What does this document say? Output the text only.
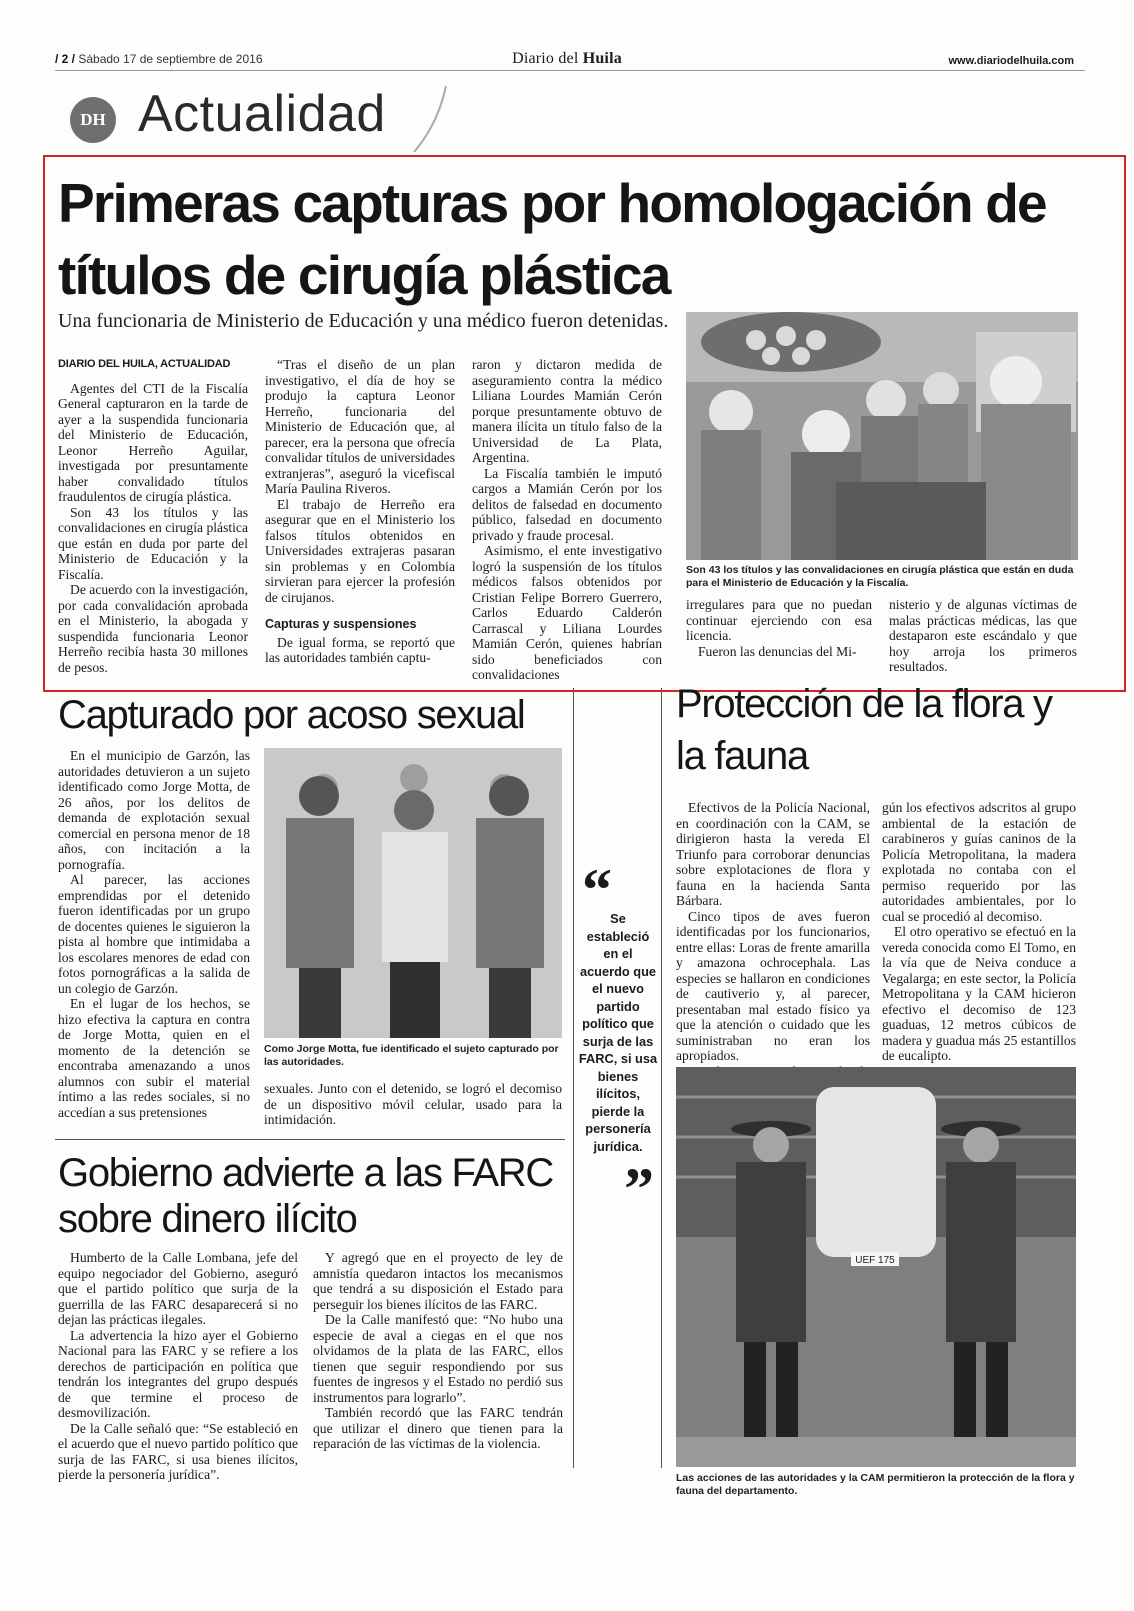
/ 2 / Sábado 17 de septiembre de 2016	Diario del Huila	www.diariodelhuila.com
DH Actualidad
Primeras capturas por homologación de títulos de cirugía plástica
Una funcionaria de Ministerio de Educación y una médico fueron detenidas.
DIARIO DEL HUILA, ACTUALIDAD

Agentes del CTI de la Fiscalía General capturaron en la tarde de ayer a la suspendida funcionaria del Ministerio de Educación, Leonor Herreño Aguilar, investigada por presuntamente haber convalidado títulos fraudulentos de cirugía plástica.

Son 43 los títulos y las convalidaciones en cirugía plástica que están en duda por parte del Ministerio de Educación y la Fiscalía.

De acuerdo con la investigación, por cada convalidación aprobada en el Ministerio, la abogada y suspendida funcionaria Leonor Herreño recibía hasta 30 millones de pesos.

“Tras el diseño de un plan investigativo, el día de hoy se produjo la captura Leonor Herreño, funcionaria del Ministerio de Educación que, al parecer, era la persona que ofrecía convalidar títulos de universidades extranjeras”, aseguró la vicefiscal María Paulina Riveros.

El trabajo de Herreño era asegurar que en el Ministerio los falsos títulos obtenidos en Universidades extrajeras pasaran sin problemas y en Colombia sirvieran para ejercer la profesión de cirujanos.

Capturas y suspensiones

De igual forma, se reportó que las autoridades también captu-

raron y dictaron medida de aseguramiento contra la médico Liliana Lourdes Mamián Cerón porque presuntamente obtuvo de manera ilícita un título falso de la Universidad de La Plata, Argentina.

La Fiscalía también le imputó cargos a Mamián Cerón por los delitos de falsedad en documento público, falsedad en documento privado y fraude procesal.

Asimismo, el ente investigativo logró la suspensión de los títulos médicos falsos obtenidos por Cristian Felipe Borrero Guerrero, Carlos Eduardo Calderón Carrascal y Liliana Lourdes Mamián Cerón, quienes habrían sido beneficiados con convalidaciones

Son 43 los títulos y las convalidaciones en cirugía plástica que están en duda para el Ministerio de Educación y la Fiscalía.

irregulares para que no puedan continuar ejerciendo con esa licencia.

Fueron las denuncias del Mi-

nisterio y de algunas víctimas de malas prácticas médicas, las que destaparon este escándalo y que hoy arroja los primeros resultados.

Capturado por acoso sexual

En el municipio de Garzón, las autoridades detuvieron a un sujeto identificado como Jorge Motta, de 26 años, por los delitos de demanda de explotación sexual comercial en persona menor de 18 años, con incitación a la pornografía.

Al parecer, las acciones emprendidas por el detenido fueron identificadas por un grupo de docentes quienes le siguieron la pista al hombre que intimidaba a los escolares menores de edad con fotos pornográficas a la salida de un colegio de Garzón.

En el lugar de los hechos, se hizo efectiva la captura en contra de Jorge Motta, quien en el momento de la detención se encontraba amenazando a unos alumnos con subir el material íntimo a las redes sociales, si no accedían a sus pretensiones

Como Jorge Motta, fue identificado el sujeto capturado por las autoridades.

sexuales. Junto con el detenido, se logró el decomiso de un dispositivo móvil celular, usado para la intimidación.

“
Se estableció en el acuerdo que el nuevo partido político que surja de las FARC, si usa bienes ilícitos, pierde la personería jurídica.
”
Protección de la flora y la fauna

Efectivos de la Policía Nacional, en coordinación con la CAM, se dirigieron hasta la vereda El Triunfo para corroborar denuncias sobre explotaciones de flora y fauna en la hacienda Santa Bárbara.

Cinco tipos de aves fueron identificadas por los funcionarios, entre ellas: Loras de frente amarilla y amazona ochrocephala. Las especies se hallaron en condiciones de cautiverio y, al parecer, presentaban mal estado físico ya que la atención o cuidado que les suministraban no eran los apropiados.

gún los efectivos adscritos al grupo ambiental de la estación de carabineros y guías caninos de la Policía Metropolitana, la madera explotada no contaba con el permiso requerido por las autoridades ambientales, por lo cual se procedió al decomiso.

El otro operativo se efectuó en la vereda conocida como El Tomo, en la vía que de Neiva conduce a Vegalarga; en este sector, la Policía Metropolitana y la CAM hicieron efectivo el decomiso de 123 guaduas, 12 metros cúbicos de madera y guadua más 25 estantillos de eucalipto.

UEF 175
Las acciones de las autoridades y la CAM permitieron la protección de la flora y fauna del departamento.
Gobierno advierte a las FARC sobre dinero ilícito

Humberto de la Calle Lombana, jefe del equipo negociador del Gobierno, aseguró que el partido político que surja de la guerrilla de las FARC desaparecerá si no dejan las prácticas ilegales.

La advertencia la hizo ayer el Gobierno Nacional para las FARC y se refiere a los derechos de participación en política que tendrán los integrantes del grupo después de que termine el proceso de desmovilización.

De la Calle señaló que: “Se estableció en el acuerdo que el nuevo partido político que surja de las FARC, si usa bienes ilícitos, pierde la personería jurídica”.

Y agregó que en el proyecto de ley de amnistía quedaron intactos los mecanismos que tendrá a su disposición el Estado para perseguir los bienes ilícitos de las FARC.

De la Calle manifestó que: “No hubo una especie de aval a ciegas en el que nos olvidamos de la plata de las FARC, ellos tienen que seguir respondiendo por sus fuentes de ingresos y el Estado no perdió sus instrumentos para lograrlo”.

También recordó que las FARC tendrán que utilizar el dinero que tienen para la reparación de las víctimas de la violencia.
